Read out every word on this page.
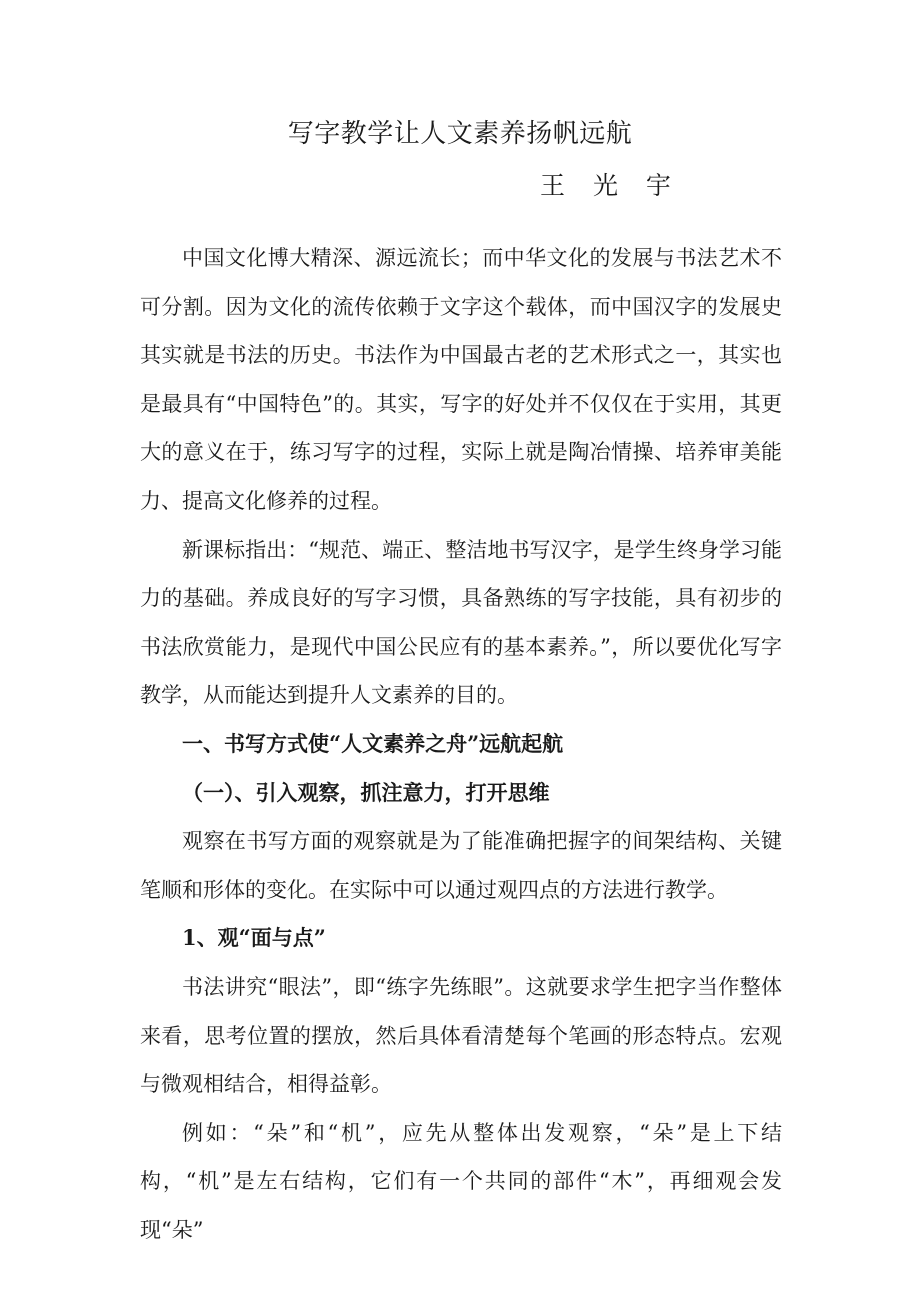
写字教学让人文素养扬帆远航
王 光 宇

中国文化博大精深、源远流长；而中华文化的发展与书法艺术不可分割。因为文化的流传依赖于文字这个载体，而中国汉字的发展史其实就是书法的历史。书法作为中国最古老的艺术形式之一，其实也是最具有“中国特色”的。其实，写字的好处并不仅仅在于实用，其更大的意义在于，练习写字的过程，实际上就是陶冶情操、培养审美能力、提高文化修养的过程。

新课标指出：“规范、端正、整洁地书写汉字，是学生终身学习能力的基础。养成良好的写字习惯，具备熟练的写字技能，具有初步的书法欣赏能力，是现代中国公民应有的基本素养。”，所以要优化写字教学，从而能达到提升人文素养的目的。

一、书写方式使“人文素养之舟”远航起航

（一）、引入观察，抓注意力，打开思维

观察在书写方面的观察就是为了能准确把握字的间架结构、关键笔顺和形体的变化。在实际中可以通过观四点的方法进行教学。

1、观“面与点”

书法讲究“眼法”，即“练字先练眼”。这就要求学生把字当作整体来看，思考位置的摆放，然后具体看清楚每个笔画的形态特点。宏观与微观相结合，相得益彰。

例如：“朵”和“机”，应先从整体出发观察，“朵”是上下结构，“机”是左右结构，它们有一个共同的部件“木”，再细观会发现“朵”
